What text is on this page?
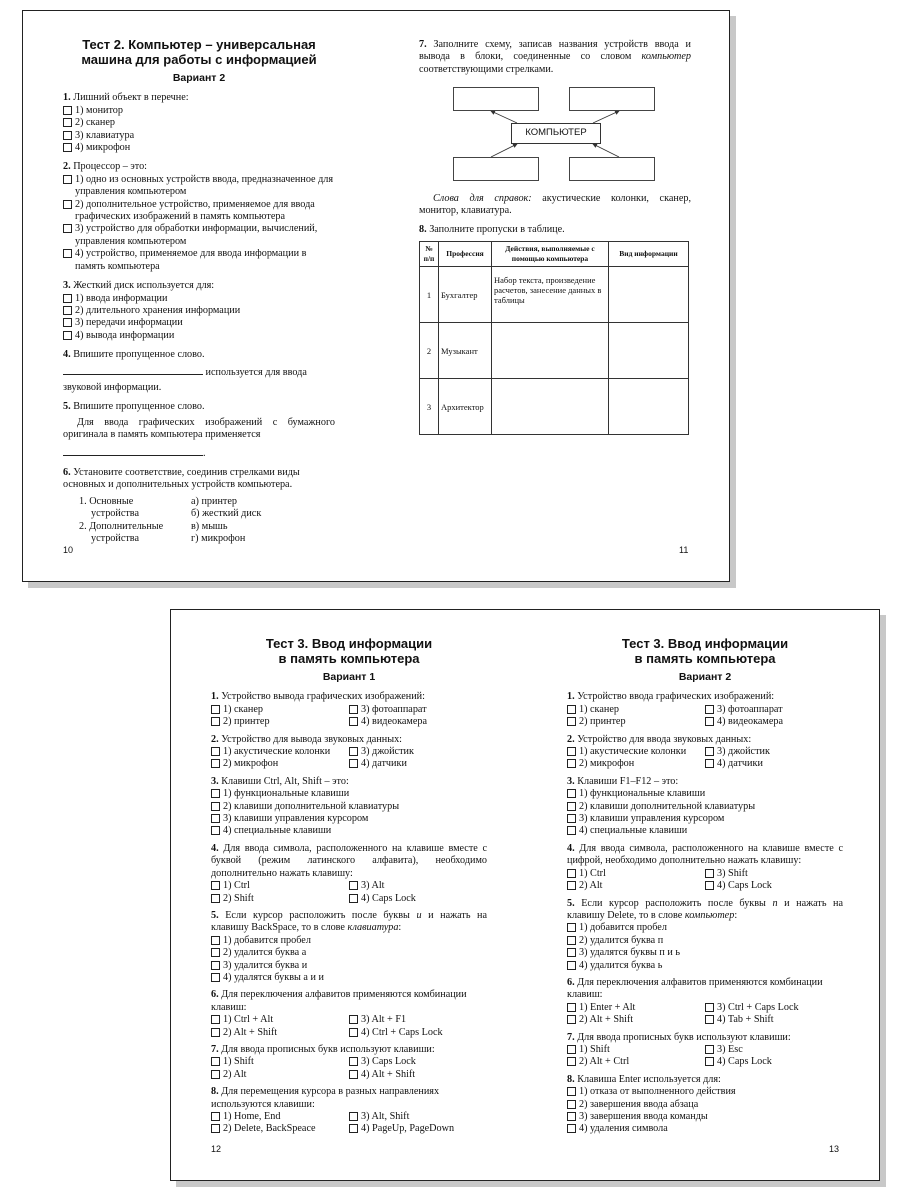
Тест 2. Компьютер – универсальная
машина для работы с информацией
Вариант 2
1. Лишний объект в перечне:
1) монитор
2) сканер
3) клавиатура
4) микрофон
2. Процессор – это:
1) одно из основных устройств ввода, предназначенное для управления компьютером
2) дополнительное устройство, применяемое для ввода графических изображений в память компьютера
3) устройство для обработки информации, вычислений, управления компьютером
4) устройство, применяемое для ввода информации в память компьютера
3. Жесткий диск используется для:
1) ввода информации
2) длительного хранения информации
3) передачи информации
4) вывода информации
4. Впишите пропущенное слово.
используется для ввода
звуковой информации.
5. Впишите пропущенное слово.
Для ввода графических изображений с бумажного оригинала в память компьютера применяется
.
6. Установите соответствие, соединив стрелками виды основных и дополнительных устройств компьютера.
1. Основные	а) принтер
устройства	б) жесткий диск
2. Дополнительные	в) мышь
устройства	г) микрофон
10
7. Заполните схему, записав названия устройств ввода и вывода в блоки, соединенные со словом компьютер соответствующими стрелками.
КОМПЬЮТЕР
Слова для справок: акустические колонки, сканер, монитор, клавиатура.
8. Заполните пропуски в таблице.
№ п/п	Профессия	Действия, выполняемые с помощью компьютера	Вид информации
1	Бухгалтер	Набор текста, произведение расчетов, занесение данных в таблицы	
2	Музыкант		
3	Архитектор		
11
Тест 3. Ввод информации
в память компьютера
Вариант 1
1. Устройство вывода графических изображений:
1) сканер
2) принтер
3) фотоаппарат
4) видеокамера
2. Устройство для вывода звуковых данных:
1) акустические колонки
2) микрофон
3) джойстик
4) датчики
3. Клавиши Ctrl, Alt, Shift – это:
1) функциональные клавиши
2) клавиши дополнительной клавиатуры
3) клавиши управления курсором
4) специальные клавиши
4. Для ввода символа, расположенного на клавише вместе с буквой (режим латинского алфавита), необходимо дополнительно нажать клавишу:
1) Ctrl
2) Shift
3) Alt
4) Caps Lock
5. Если курсор расположить после буквы и и нажать на клавишу BackSpace, то в слове клавиатура:
1) добавится пробел
2) удалится буква а
3) удалится буква и
4) удалятся буквы а и и
6. Для переключения алфавитов применяются комбинации клавиш:
1) Ctrl + Alt
2) Alt + Shift
3) Alt + F1
4) Ctrl + Caps Lock
7. Для ввода прописных букв используют клавиши:
1) Shift
2) Alt
3) Caps Lock
4) Alt + Shift
8. Для перемещения курсора в разных направлениях используются клавиши:
1) Home, End
2) Delete, BackSpeace
3) Alt, Shift
4) PageUp, PageDown
12
Тест 3. Ввод информации
в память компьютера
Вариант 2
1. Устройство ввода графических изображений:
1) сканер
2) принтер
3) фотоаппарат
4) видеокамера
2. Устройство для ввода звуковых данных:
1) акустические колонки
2) микрофон
3) джойстик
4) датчики
3. Клавиши F1–F12 – это:
1) функциональные клавиши
2) клавиши дополнительной клавиатуры
3) клавиши управления курсором
4) специальные клавиши
4. Для ввода символа, расположенного на клавише вместе с цифрой, необходимо дополнительно нажать клавишу:
1) Ctrl
2) Alt
3) Shift
4) Caps Lock
5. Если курсор расположить после буквы п и нажать на клавишу Delete, то в слове компьютер:
1) добавится пробел
2) удалится буква п
3) удалятся буквы п и ь
4) удалится буква ь
6. Для переключения алфавитов применяются комбинации клавиш:
1) Enter + Alt
2) Alt + Shift
3) Ctrl + Caps Lock
4) Tab + Shift
7. Для ввода прописных букв используют клавиши:
1) Shift
2) Alt + Ctrl
3) Esc
4) Caps Lock
8. Клавиша Enter используется для:
1) отказа от выполненного действия
2) завершения ввода абзаца
3) завершения ввода команды
4) удаления символа
13
